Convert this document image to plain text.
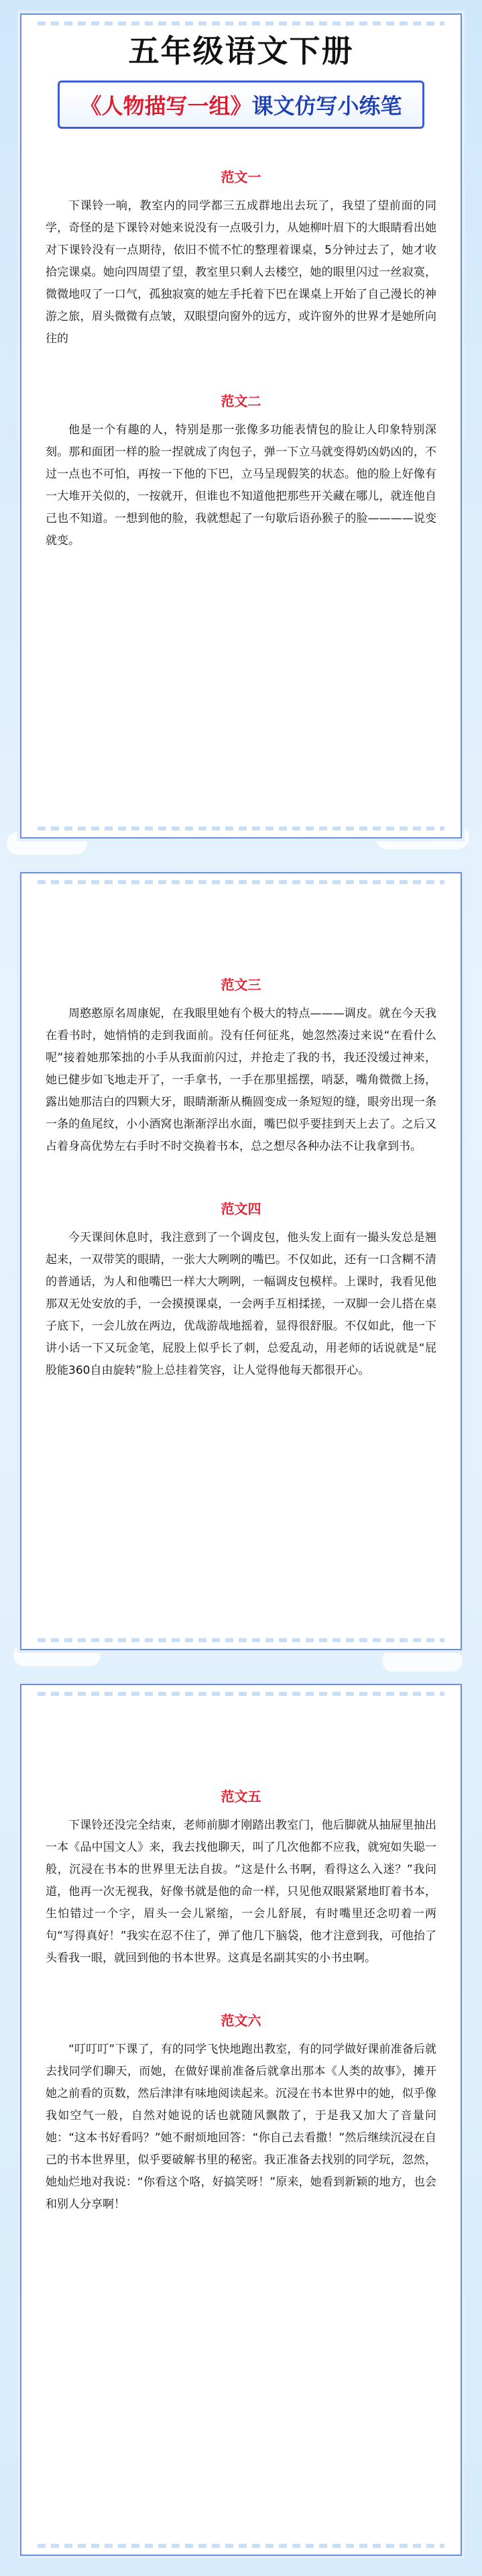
五年级语文下册
《人物描写一组》课文仿写小练笔
范文一

下课铃一响，教室内的同学都三五成群地出去玩了，我望了望前面的同学，奇怪的是下课铃对她来说没有一点吸引力，从她柳叶眉下的大眼睛看出她对下课铃没有一点期待，依旧不慌不忙的整理着课桌，5分钟过去了，她才收拾完课桌。她向四周望了望，教室里只剩人去楼空，她的眼里闪过一丝寂寞，微微地叹了一口气，孤独寂寞的她左手托着下巴在课桌上开始了自己漫长的神游之旅，眉头微微有点皱，双眼望向窗外的远方，或许窗外的世界才是她所向往的

范文二

他是一个有趣的人，特别是那一张像多功能表情包的脸让人印象特别深刻。那和面团一样的脸一捏就成了肉包子，弹一下立马就变得奶凶奶凶的，不过一点也不可怕，再按一下他的下巴，立马呈现假笑的状态。他的脸上好像有一大堆开关似的，一按就开，但谁也不知道他把那些开关藏在哪儿，就连他自己也不知道。一想到他的脸，我就想起了一句歇后语孙猴子的脸————说变就变。

范文三

周憨憨原名周康妮，在我眼里她有个极大的特点———调皮。就在今天我在看书时，她悄悄的走到我面前。没有任何征兆，她忽然凑过来说“在看什么呢”接着她那笨拙的小手从我面前闪过，并抢走了我的书，我还没缓过神来，她已健步如飞地走开了，一手拿书，一手在那里摇摆，哨瑟，嘴角微微上扬，露出她那洁白的四颗大牙，眼睛渐渐从椭圆变成一条短短的缝，眼旁出现一条一条的鱼尾纹，小小酒窝也渐渐浮出水面，嘴巴似乎要挂到天上去了。之后又占着身高优势左右手时不时交换着书本，总之想尽各种办法不让我拿到书。

范文四

今天课间休息时，我注意到了一个调皮包，他头发上面有一撮头发总是翘起来，一双带笑的眼睛，一张大大咧咧的嘴巴。不仅如此，还有一口含糊不清的普通话，为人和他嘴巴一样大大咧咧，一幅调皮包模样。上课时，我看见他那双无处安放的手，一会摸摸课桌，一会两手互相揉搓，一双脚一会儿搭在桌子底下，一会儿放在两边，优哉游哉地摇着，显得很舒服。不仅如此，他一下讲小话一下又玩金笔，屁股上似乎长了刺，总爱乱动，用老师的话说就是“屁股能360自由旋转”脸上总挂着笑容，让人觉得他每天都很开心。

范文五

下课铃还没完全结束，老师前脚才刚踏出教室门，他后脚就从抽屉里抽出一本《品中国文人》来，我去找他聊天，叫了几次他都不应我，就宛如失聪一般，沉浸在书本的世界里无法自拔。“这是什么书啊，看得这么入迷？”我问道，他再一次无视我，好像书就是他的命一样，只见他双眼紧紧地盯着书本，生怕错过一个字，眉头一会儿紧缩，一会儿舒展，有时嘴里还念叨着一两句“写得真好！”我实在忍不住了，弹了他几下脑袋，他才注意到我，可他抬了头看我一眼，就回到他的书本世界。这真是名副其实的小书虫啊。

范文六

“叮叮叮”下课了，有的同学飞快地跑出教室，有的同学做好课前准备后就去找同学们聊天，而她，在做好课前准备后就拿出那本《人类的故事》，摊开她之前看的页数，然后津津有味地阅读起来。沉浸在书本世界中的她，似乎像我如空气一般，自然对她说的话也就随风飘散了，于是我又加大了音量问她：“这本书好看吗？”她不耐烦地回答：“你自己去看撒！”然后继续沉浸在自己的书本世界里，似乎要破解书里的秘密。我正准备去找别的同学玩，忽然，她灿烂地对我说：“你看这个咯，好搞笑呀！”原来，她看到新颖的地方，也会和别人分享啊！
